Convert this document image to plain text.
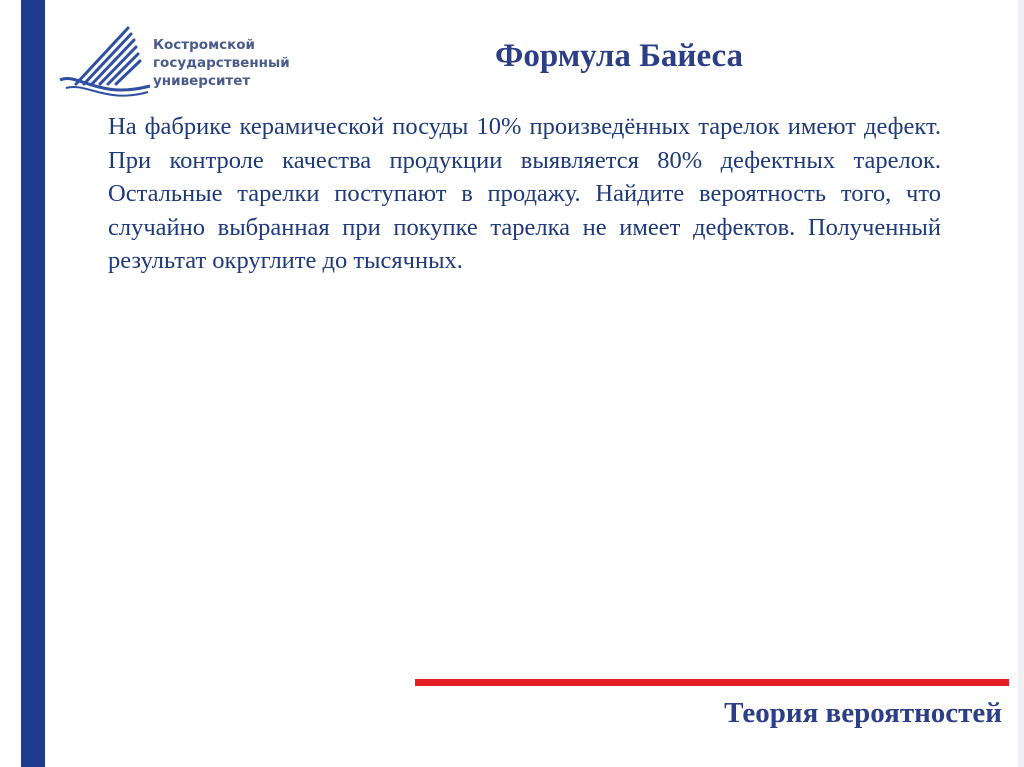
Костромской
государственный
университет
Формула Байеса
На фабрике керамической посуды 10% произведённых тарелок имеют дефект. При контроле качества продукции выявляется 80% дефектных тарелок. Остальные тарелки поступают в продажу. Найдите вероятность того, что случайно выбранная при покупке тарелка не имеет дефектов. Полученный результат округлите до тысячных.
Теория вероятностей
